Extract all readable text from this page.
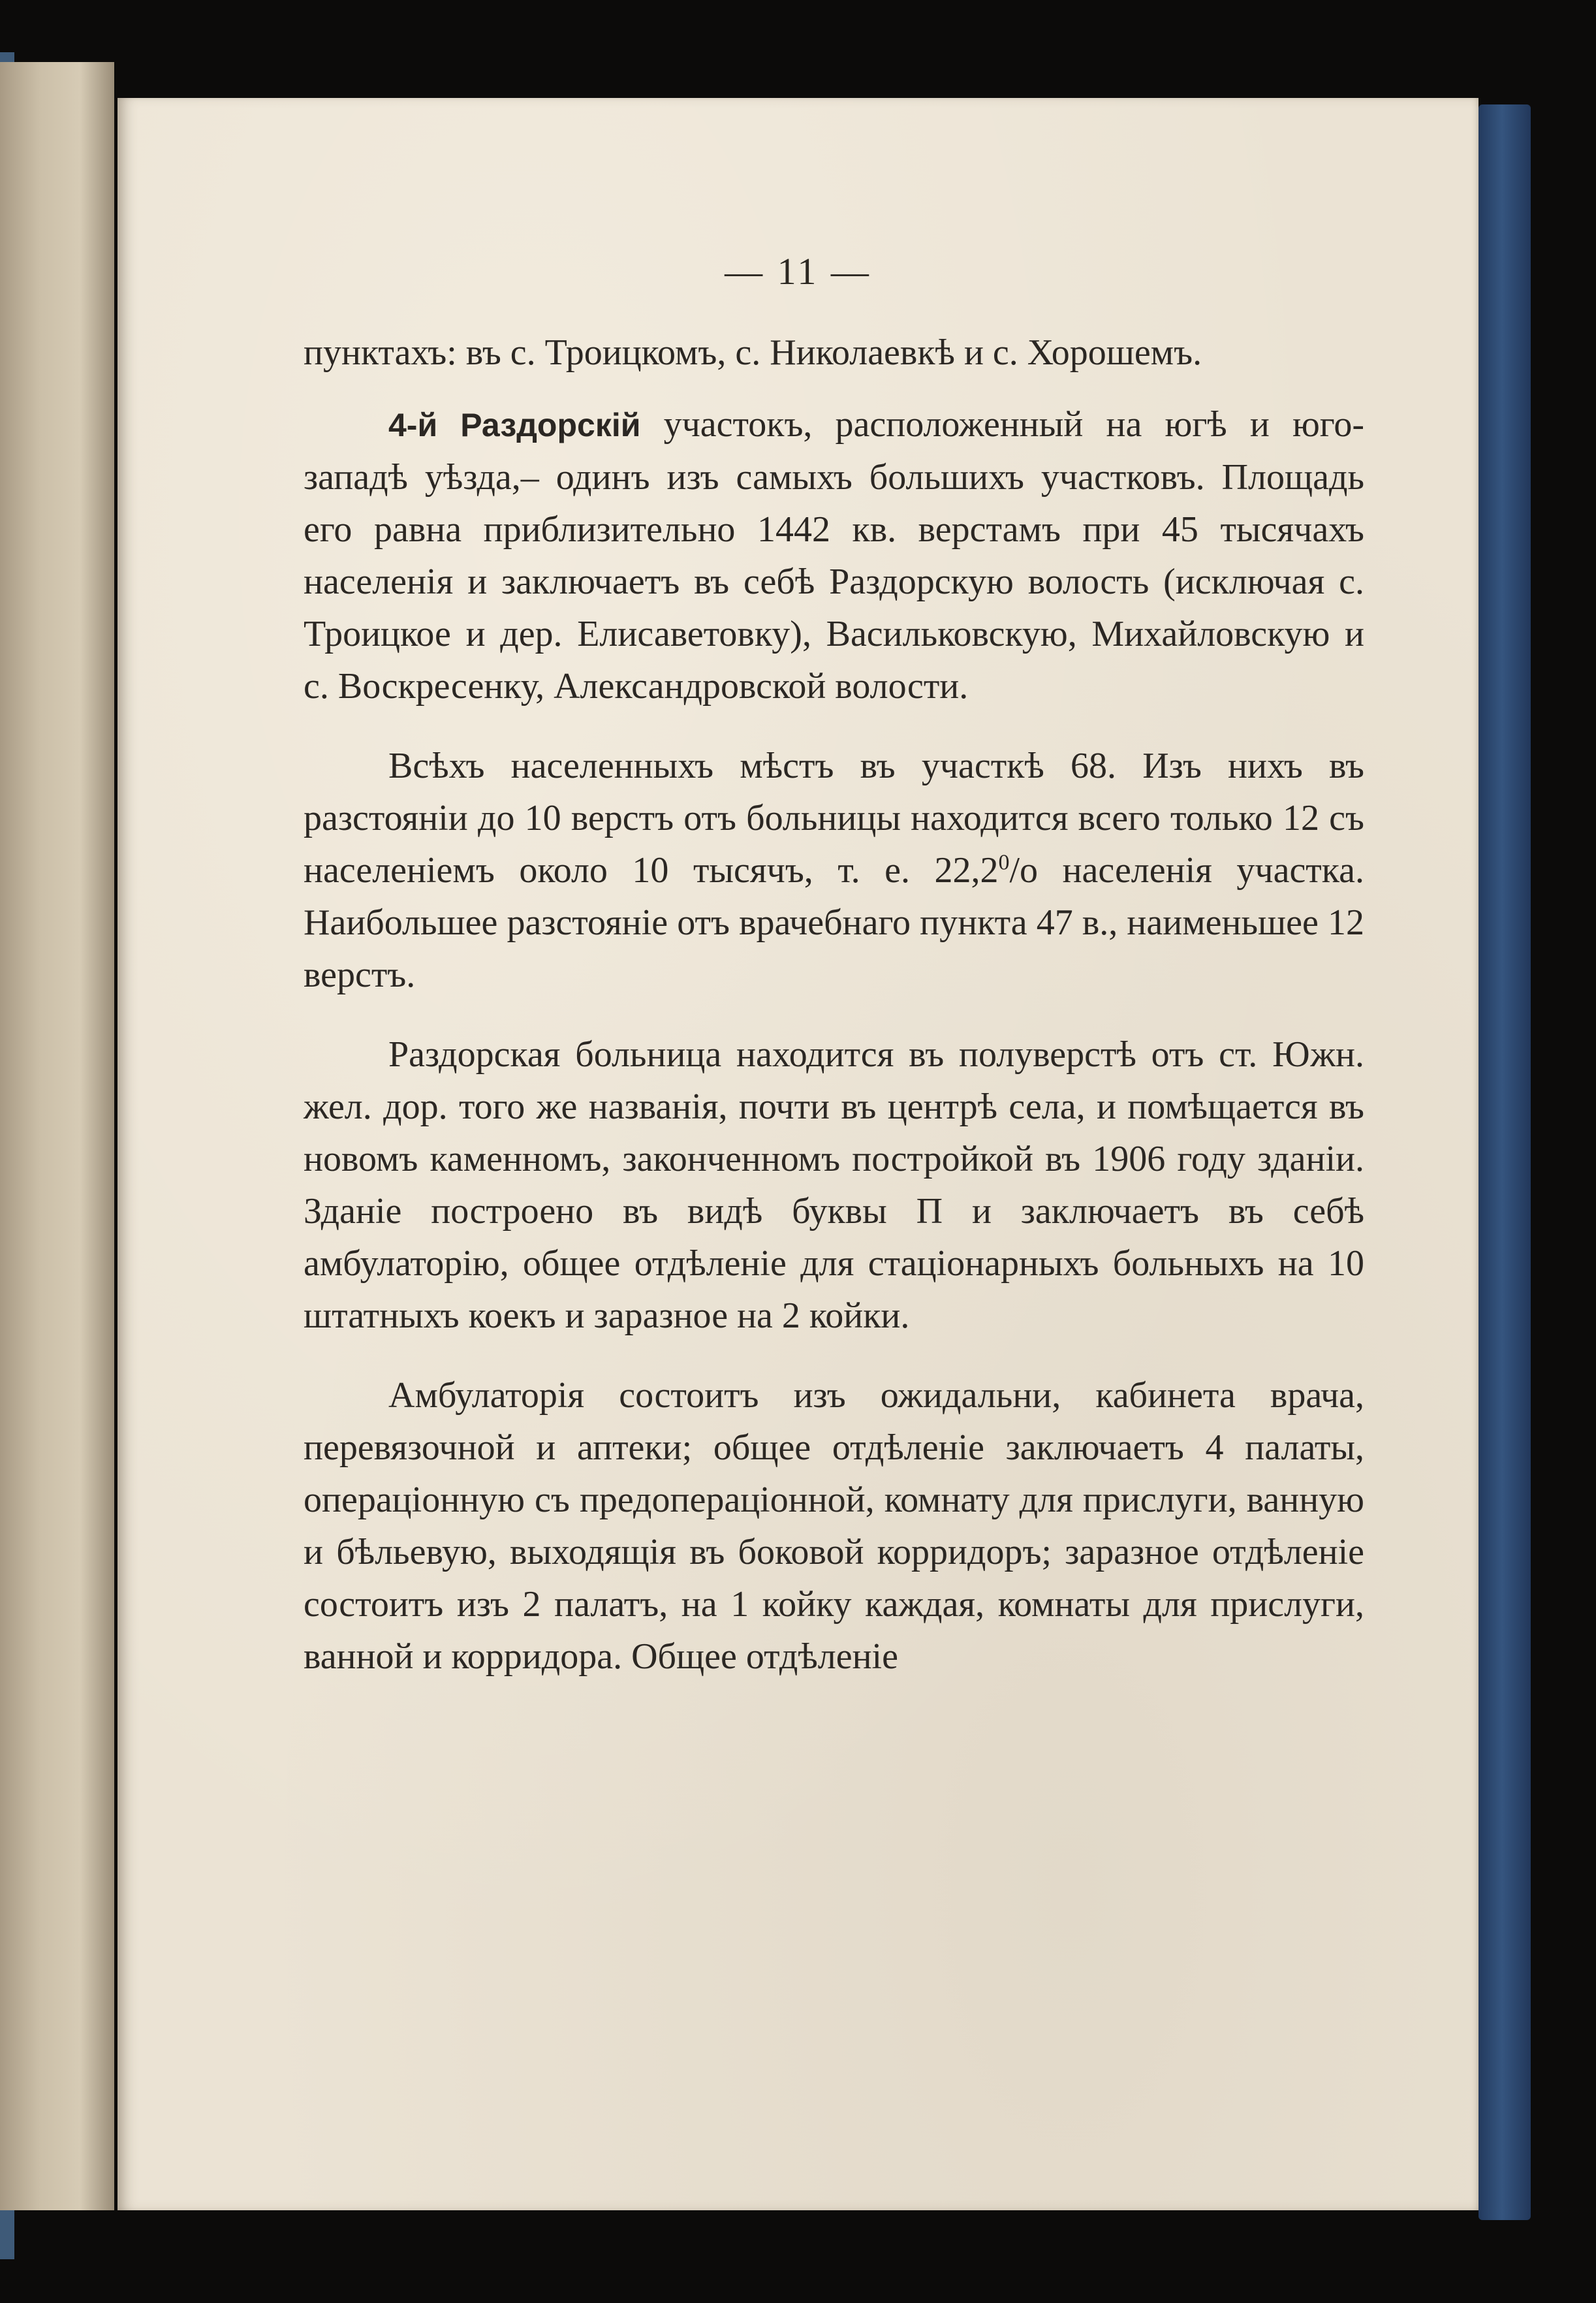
— 11 —

пунктахъ: въ с. Троицкомъ, с. Николаевкѣ и с. Хорошемъ.

4-й Раздорскій участокъ, расположенный на югѣ и юго-западѣ уѣзда,– одинъ изъ самыхъ большихъ участковъ. Площадь его равна приблизительно 1442 кв. верстамъ при 45 тысячахъ населенія и заключаетъ въ себѣ Раздорскую волость (исключая с. Троицкое и дер. Елисаветовку), Васильковскую, Михайловскую и с. Воскресенку, Александровской волости.

Всѣхъ населенныхъ мѣстъ въ участкѣ 68. Изъ нихъ въ разстояніи до 10 верстъ отъ больницы находится всего только 12 съ населеніемъ около 10 тысячъ, т. е. 22,2$^0$/o населенія участка. Наибольшее разстояніе отъ врачебнаго пункта 47 в., наименьшее 12 верстъ.

Раздорская больница находится въ полуверстѣ отъ ст. Южн. жел. дор. того же названія, почти въ центрѣ села, и помѣщается въ новомъ каменномъ, законченномъ постройкой въ 1906 году зданіи. Зданіе построено въ видѣ буквы П и заключаетъ въ себѣ амбулаторію, общее отдѣленіе для стаціонарныхъ больныхъ на 10 штатныхъ коекъ и заразное на 2 койки.

Амбулаторія состоитъ изъ ожидальни, кабинета врача, перевязочной и аптеки; общее отдѣленіе заключаетъ 4 палаты, операціонную съ предопераціонной, комнату для прислуги, ванную и бѣльевую, выходящія въ боковой корридоръ; заразное отдѣленіе состоитъ изъ 2 палатъ, на 1 койку каждая, комнаты для прислуги, ванной и корридора. Общее отдѣленіе
